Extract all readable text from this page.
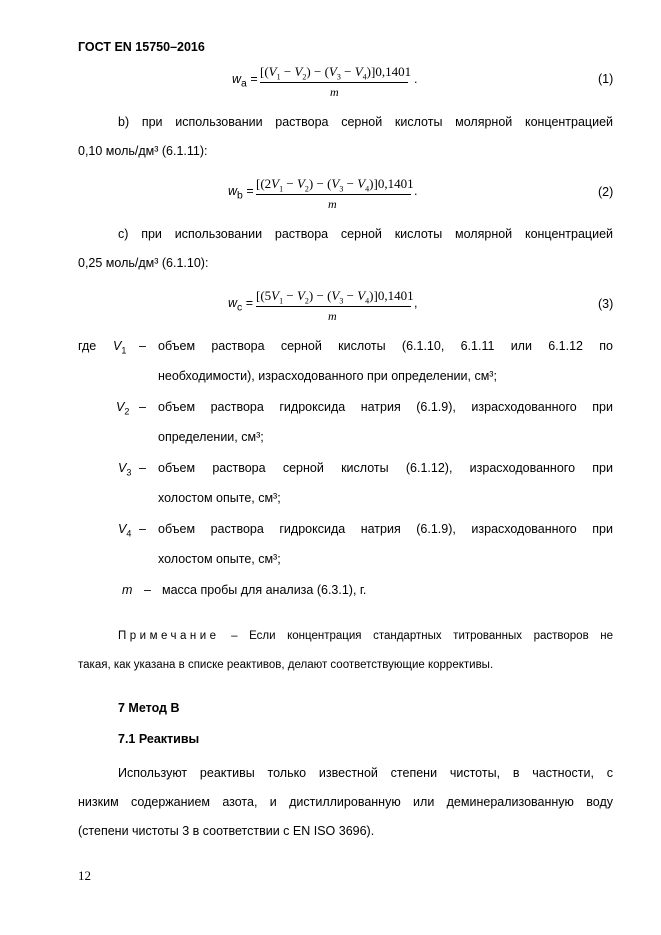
ГОСТ EN 15750–2016
$w_a = [(V_1 - V_2) - (V_3 - V_4)]0,1401$
m
.	(1)
b) при использовании раствора серной кислоты молярной концентрацией
0,10 моль/дм³ (6.1.11):
$w_b = [(2V_1 - V_2) - (V_3 - V_4)]0,1401$
m
.	(2)
c) при использовании раствора серной кислоты молярной концентрацией
0,25 моль/дм³ (6.1.10):
$w_c = [(5V_1 - V_2) - (V_3 - V_4)]0,1401$
m
,	(3)
где $V_1$ – объем раствора серной кислоты (6.1.10, 6.1.11 или 6.1.12 по
необходимости), израсходованного при определении, см³;
$V_2$ – объем раствора гидроксида натрия (6.1.9), израсходованного при
определении, см³;
$V_3$ – объем раствора серной кислоты (6.1.12), израсходованного при
холостом опыте, см³;
$V_4$ – объем раствора гидроксида натрия (6.1.9), израсходованного при
холостом опыте, см³;
m – масса пробы для анализа (6.3.1), г.
Примечание – Если концентрация стандартных титрованных растворов не
такая, как указана в списке реактивов, делают соответствующие коррективы.
7 Метод B
7.1 Реактивы
Используют реактивы только известной степени чистоты, в частности, с
низким содержанием азота, и дистиллированную или деминерализованную воду
(степени чистоты 3 в соответствии с EN ISO 3696).
12
